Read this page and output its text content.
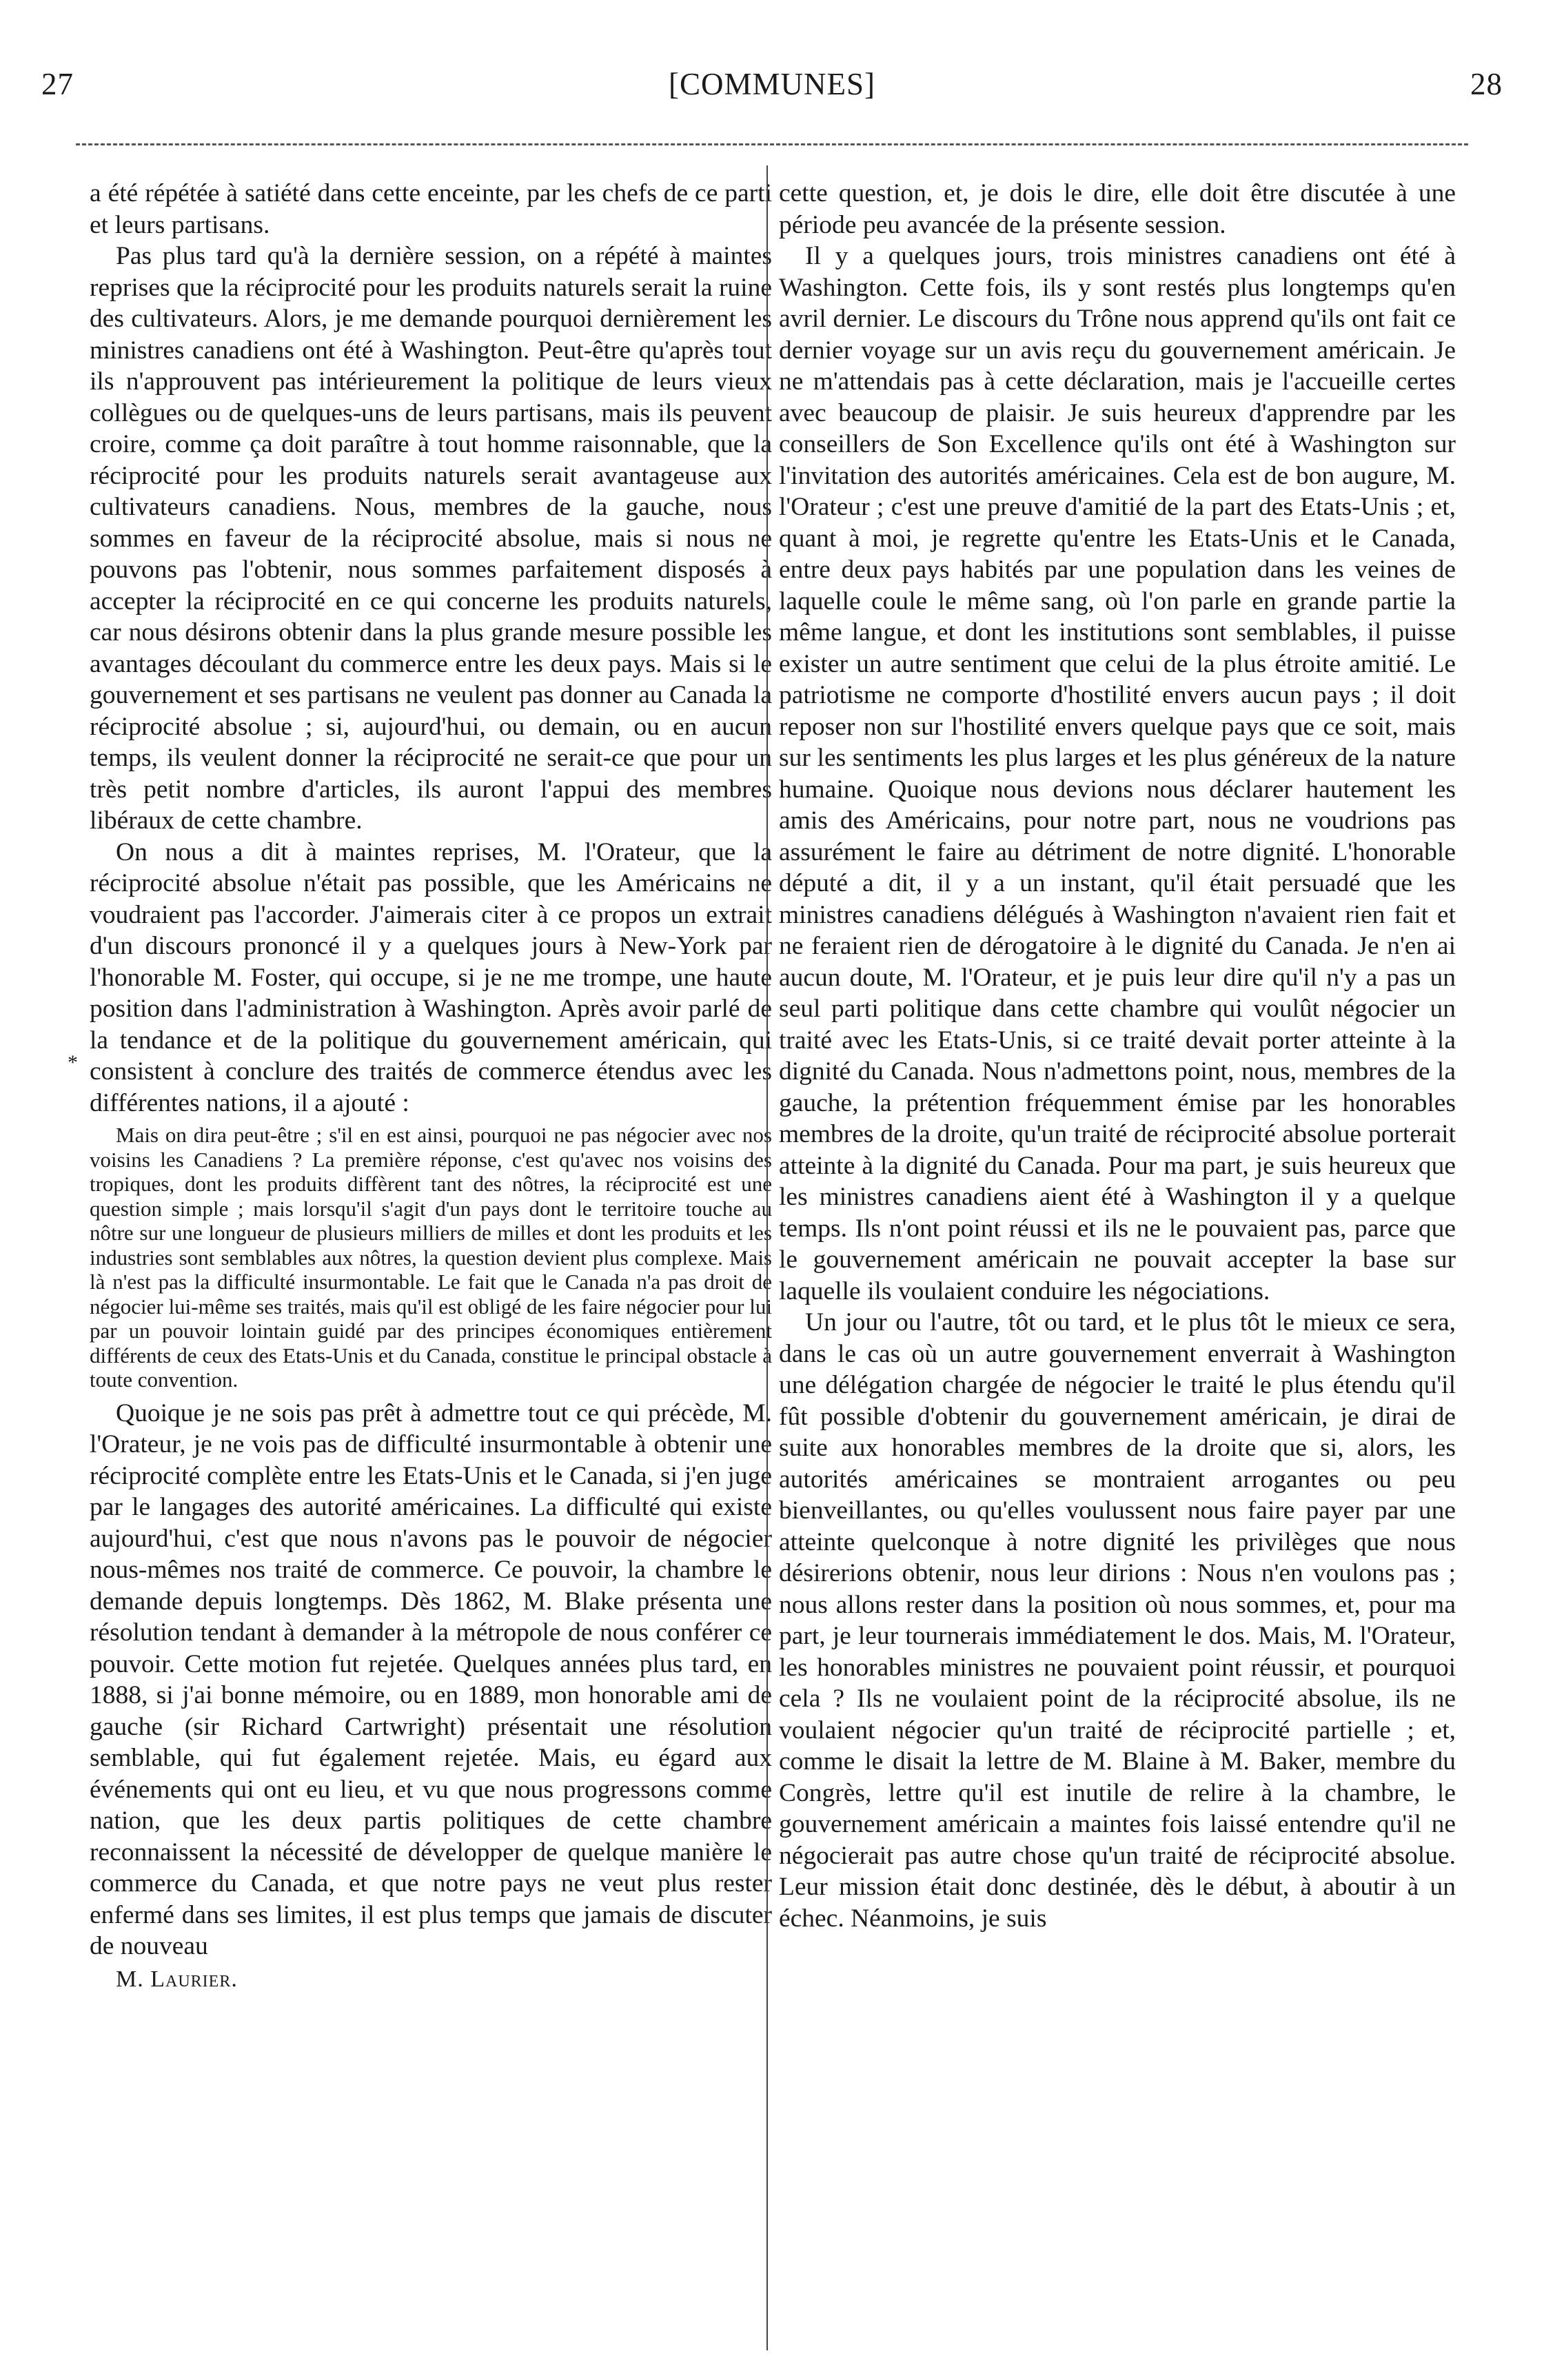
27	[COMMUNES]	28
*

a été répétée à satiété dans cette enceinte, par les chefs de ce parti et leurs partisans.

Pas plus tard qu'à la dernière session, on a répété à maintes reprises que la réciprocité pour les produits naturels serait la ruine des cultivateurs. Alors, je me demande pourquoi dernièrement les ministres canadiens ont été à Washington. Peut-être qu'après tout ils n'approuvent pas intérieurement la politique de leurs vieux collègues ou de quelques-uns de leurs partisans, mais ils peuvent croire, comme ça doit paraître à tout homme raisonnable, que la réciprocité pour les produits naturels serait avantageuse aux cultivateurs canadiens. Nous, membres de la gauche, nous sommes en faveur de la réciprocité absolue, mais si nous ne pouvons pas l'obtenir, nous sommes parfaitement disposés à accepter la réciprocité en ce qui concerne les produits naturels, car nous désirons obtenir dans la plus grande mesure possible les avantages découlant du commerce entre les deux pays. Mais si le gouvernement et ses partisans ne veulent pas donner au Canada la réciprocité absolue ; si, aujourd'hui, ou demain, ou en aucun temps, ils veulent donner la réciprocité ne serait-ce que pour un très petit nombre d'articles, ils auront l'appui des membres libéraux de cette chambre.

On nous a dit à maintes reprises, M. l'Orateur, que la réciprocité absolue n'était pas possible, que les Américains ne voudraient pas l'accorder. J'aimerais citer à ce propos un extrait d'un discours prononcé il y a quelques jours à New-York par l'honorable M. Foster, qui occupe, si je ne me trompe, une haute position dans l'administration à Washington. Après avoir parlé de la tendance et de la politique du gouvernement américain, qui consistent à conclure des traités de commerce étendus avec les différentes nations, il a ajouté :

Mais on dira peut-être ; s'il en est ainsi, pourquoi ne pas négocier avec nos voisins les Canadiens ? La première réponse, c'est qu'avec nos voisins des tropiques, dont les produits diffèrent tant des nôtres, la réciprocité est une question simple ; mais lorsqu'il s'agit d'un pays dont le territoire touche au nôtre sur une longueur de plusieurs milliers de milles et dont les produits et les industries sont semblables aux nôtres, la question devient plus complexe. Mais là n'est pas la difficulté insurmontable. Le fait que le Canada n'a pas droit de négocier lui-même ses traités, mais qu'il est obligé de les faire négocier pour lui par un pouvoir lointain guidé par des principes économiques entièrement différents de ceux des Etats-Unis et du Canada, constitue le principal obstacle à toute convention.

Quoique je ne sois pas prêt à admettre tout ce qui précède, M. l'Orateur, je ne vois pas de difficulté insurmontable à obtenir une réciprocité complète entre les Etats-Unis et le Canada, si j'en juge par le langages des autorité américaines. La difficulté qui existe aujourd'hui, c'est que nous n'avons pas le pouvoir de négocier nous-mêmes nos traité de commerce. Ce pouvoir, la chambre le demande depuis longtemps. Dès 1862, M. Blake présenta une résolution tendant à demander à la métropole de nous conférer ce pouvoir. Cette motion fut rejetée. Quelques années plus tard, en 1888, si j'ai bonne mémoire, ou en 1889, mon honorable ami de gauche (sir Richard Cartwright) présentait une résolution semblable, qui fut également rejetée. Mais, eu égard aux événements qui ont eu lieu, et vu que nous progressons comme nation, que les deux partis politiques de cette chambre reconnaissent la nécessité de développer de quelque manière le commerce du Canada, et que notre pays ne veut plus rester enfermé dans ses limites, il est plus temps que jamais de discuter de nouveau

M. Laurier.

cette question, et, je dois le dire, elle doit être discutée à une période peu avancée de la présente session.

Il y a quelques jours, trois ministres canadiens ont été à Washington. Cette fois, ils y sont restés plus longtemps qu'en avril dernier. Le discours du Trône nous apprend qu'ils ont fait ce dernier voyage sur un avis reçu du gouvernement américain. Je ne m'attendais pas à cette déclaration, mais je l'accueille certes avec beaucoup de plaisir. Je suis heureux d'apprendre par les conseillers de Son Excellence qu'ils ont été à Washington sur l'invitation des autorités américaines. Cela est de bon augure, M. l'Orateur ; c'est une preuve d'amitié de la part des Etats-Unis ; et, quant à moi, je regrette qu'entre les Etats-Unis et le Canada, entre deux pays habités par une population dans les veines de laquelle coule le même sang, où l'on parle en grande partie la même langue, et dont les institutions sont semblables, il puisse exister un autre sentiment que celui de la plus étroite amitié. Le patriotisme ne comporte d'hostilité envers aucun pays ; il doit reposer non sur l'hostilité envers quelque pays que ce soit, mais sur les sentiments les plus larges et les plus généreux de la nature humaine. Quoique nous devions nous déclarer hautement les amis des Américains, pour notre part, nous ne voudrions pas assurément le faire au détriment de notre dignité. L'honorable député a dit, il y a un instant, qu'il était persuadé que les ministres canadiens délégués à Washington n'avaient rien fait et ne feraient rien de dérogatoire à le dignité du Canada. Je n'en ai aucun doute, M. l'Orateur, et je puis leur dire qu'il n'y a pas un seul parti politique dans cette chambre qui voulût négocier un traité avec les Etats-Unis, si ce traité devait porter atteinte à la dignité du Canada. Nous n'admettons point, nous, membres de la gauche, la prétention fréquemment émise par les honorables membres de la droite, qu'un traité de réciprocité absolue porterait atteinte à la dignité du Canada. Pour ma part, je suis heureux que les ministres canadiens aient été à Washington il y a quelque temps. Ils n'ont point réussi et ils ne le pouvaient pas, parce que le gouvernement américain ne pouvait accepter la base sur laquelle ils voulaient conduire les négociations.

Un jour ou l'autre, tôt ou tard, et le plus tôt le mieux ce sera, dans le cas où un autre gouvernement enverrait à Washington une délégation chargée de négocier le traité le plus étendu qu'il fût possible d'obtenir du gouvernement américain, je dirai de suite aux honorables membres de la droite que si, alors, les autorités américaines se montraient arrogantes ou peu bienveillantes, ou qu'elles voulussent nous faire payer par une atteinte quelconque à notre dignité les privilèges que nous désirerions obtenir, nous leur dirions : Nous n'en voulons pas ; nous allons rester dans la position où nous sommes, et, pour ma part, je leur tournerais immédiatement le dos. Mais, M. l'Orateur, les honorables ministres ne pouvaient point réussir, et pourquoi cela ? Ils ne voulaient point de la réciprocité absolue, ils ne voulaient négocier qu'un traité de réciprocité partielle ; et, comme le disait la lettre de M. Blaine à M. Baker, membre du Congrès, lettre qu'il est inutile de relire à la chambre, le gouvernement américain a maintes fois laissé entendre qu'il ne négocierait pas autre chose qu'un traité de réciprocité absolue. Leur mission était donc destinée, dès le début, à aboutir à un échec. Néanmoins, je suis
